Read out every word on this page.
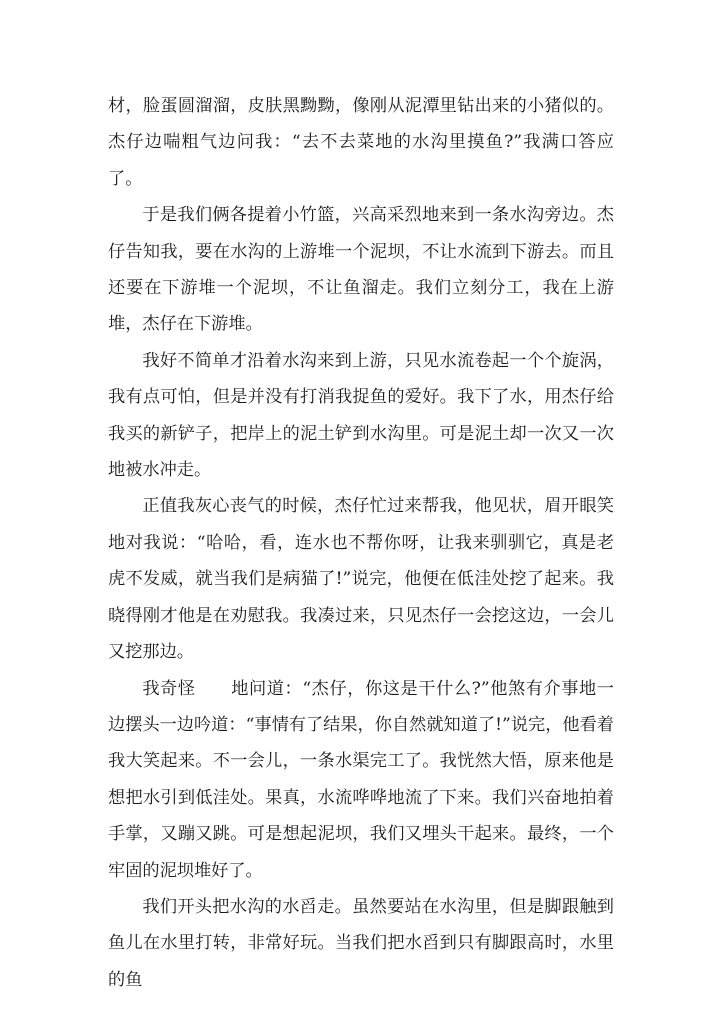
材，脸蛋圆溜溜，皮肤黑黝黝，像刚从泥潭里钻出来的小猪似的。杰仔边喘粗气边问我：“去不去菜地的水沟里摸鱼?”我满口答应了。

于是我们俩各提着小竹篮，兴高采烈地来到一条水沟旁边。杰仔告知我，要在水沟的上游堆一个泥坝，不让水流到下游去。而且还要在下游堆一个泥坝，不让鱼溜走。我们立刻分工，我在上游堆，杰仔在下游堆。

我好不简单才沿着水沟来到上游，只见水流卷起一个个旋涡，我有点可怕，但是并没有打消我捉鱼的爱好。我下了水，用杰仔给我买的新铲子，把岸上的泥土铲到水沟里。可是泥土却一次又一次地被水冲走。

正值我灰心丧气的时候，杰仔忙过来帮我，他见状，眉开眼笑地对我说：“哈哈，看，连水也不帮你呀，让我来驯驯它，真是老虎不发威，就当我们是病猫了!”说完，他便在低洼处挖了起来。我晓得刚才他是在劝慰我。我凑过来，只见杰仔一会挖这边，一会儿又挖那边。

我奇怪　　地问道：“杰仔，你这是干什么?”他煞有介事地一边摆头一边吟道：“事情有了结果，你自然就知道了!”说完，他看着我大笑起来。不一会儿，一条水渠完工了。我恍然大悟，原来他是想把水引到低洼处。果真，水流哗哗地流了下来。我们兴奋地拍着手掌，又蹦又跳。可是想起泥坝，我们又埋头干起来。最终，一个牢固的泥坝堆好了。

我们开头把水沟的水舀走。虽然要站在水沟里，但是脚跟触到鱼儿在水里打转，非常好玩。当我们把水舀到只有脚跟高时，水里的鱼
